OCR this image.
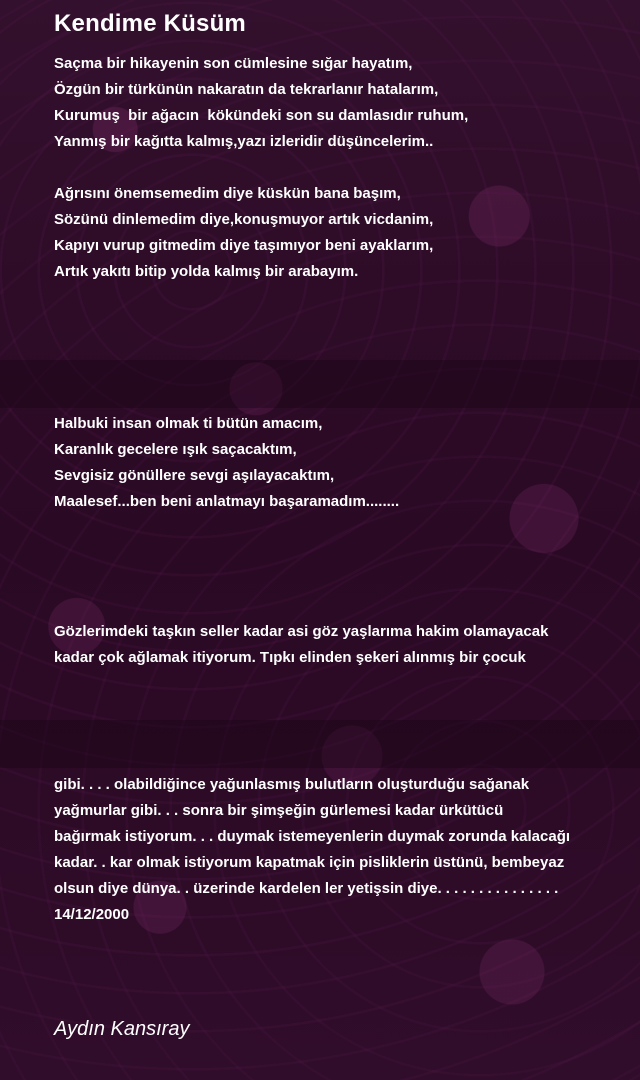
Kendime Küsüm
Saçma bir hikayenin son cümlesine sığar hayatım,
Özgün bir türkünün nakaratın da tekrarlanır hatalarım,
Kurumuş  bir ağacın  kökündeki son su damlasıdır ruhum,
Yanmış bir kağıtta kalmış,yazı izleridir düşüncelerim..
Ağrısını önemsemedim diye küskün bana başım,
Sözünü dinlemedim diye,konuşmuyor artık vicdanim,
Kapıyı vurup gitmedim diye taşımıyor beni ayaklarım,
Artık yakıtı bitip yolda kalmış bir arabayım.
Halbuki insan olmak ti bütün amacım,
Karanlık gecelere ışık saçacaktım,
Sevgisiz gönüllere sevgi aşılayacaktım,
Maalesef...ben beni anlatmayı başaramadım........
Gözlerimdeki taşkın seller kadar asi göz yaşlarıma hakim olamayacak
kadar çok ağlamak itiyorum. Tıpkı elinden şekeri alınmış bir çocuk
gibi. . . . olabildiğince yağunlasmış bulutların oluşturduğu sağanak
yağmurlar gibi. . . sonra bir şimşeğin gürlemesi kadar ürkütücü
bağırmak istiyorum. . . duymak istemeyenlerin duymak zorunda kalacağı
kadar. . kar olmak istiyorum kapatmak için pisliklerin üstünü, bembeyaz
olsun diye dünya. . üzerinde kardelen ler yetişsin diye. . . . . . . . . . . . . . .
14/12/2000

Aydın Kansıray
